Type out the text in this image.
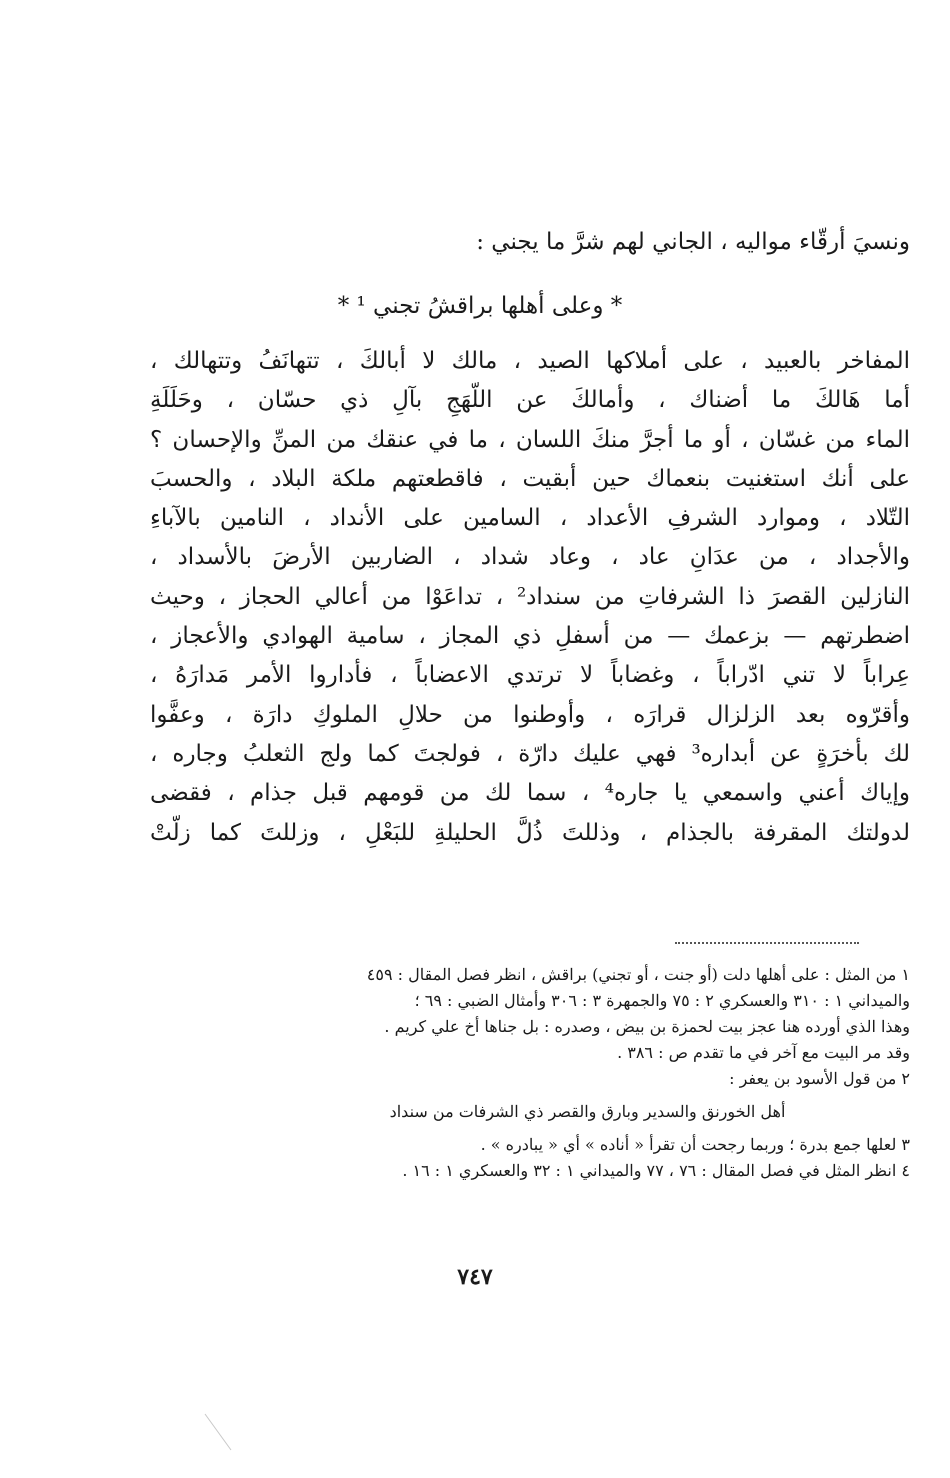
ونسيَ أرقّاء مواليه ، الجاني لهم شرَّ ما يجني :
* وعلى أهلها براقشُ تجني ¹ *
المفاخر بالعبيد ، على أملاكها الصيد ، مالك لا أبالكَ ، تتهانَفُ وتتهالك ،
أما هَالكَ ما أضناك ، وأمالكَ عن اللّهَجِ بآلِ ذي حسّان ، وحَلَلَةِ
الماء من غسّان ، أو ما أجرَّ منكَ اللسان ، ما في عنقك من المنِّ والإحسان ؟
على أنك استغنيت بنعماك حين أبقيت ، فاقطعتهم ملكة البلاد ، والحسبَ
التّلاد ، وموارد الشرفِ الأعداد ، السامين على الأنداد ، النامين بالآباءِ
والأجداد ، من عدَانِ عاد ، وعاد شداد ، الضاربين الأرضَ بالأسداد ،
النازلين القصرَ ذا الشرفاتِ من سنداد² ، تداعَوْا من أعالي الحجاز ، وحيث
اضطرتهم — بزعمك — من أسفلِ ذي المجاز ، سامية الهوادي والأعجاز ،
عِراباً لا تني ادّراباً ، وغضاباً لا ترتدي الاعضاباً ، فأداروا الأمر مَدارَهُ ،
وأقرّوه بعد الزلزال قرارَه ، وأوطنوا من حلالِ الملوكِ دارَة ، وعفَّوا
لك بأخرَةٍ عن أبداره³ فهي عليك دارّة ، فولجتَ كما ولج الثعلبُ وجاره ،
وإياك أعني واسمعي يا جاره⁴ ، سما لك من قومهم قبل جذام ، فقضى
لدولتك المقرفة بالجذام ، وذللتَ ذُلَّ الحليلةِ للبَعْلِ ، وزللتَ كما زلّتْ
١ من المثل : على أهلها دلت (أو جنت ، أو تجني) براقش ، انظر فصل المقال : ٤٥٩
والميداني ١ : ٣١٠ والعسكري ٢ : ٧٥ والجمهرة ٣ : ٣٠٦ وأمثال الضبي : ٦٩ ؛
وهذا الذي أورده هنا عجز بيت لحمزة بن بيض ، وصدره : بل جناها أخ علي كريم .
وقد مر البيت مع آخر في ما تقدم ص : ٣٨٦ .
٢ من قول الأسود بن يعفر :
أهل الخورنق والسدير وبارق والقصر ذي الشرفات من سنداد
٣ لعلها جمع بدرة ؛ وربما رجحت أن تقرأ « أناده » أي « يبادره » .
٤ انظر المثل في فصل المقال : ٧٦ ، ٧٧ والميداني ١ : ٣٢ والعسكري ١ : ١٦ .
٧٤٧
